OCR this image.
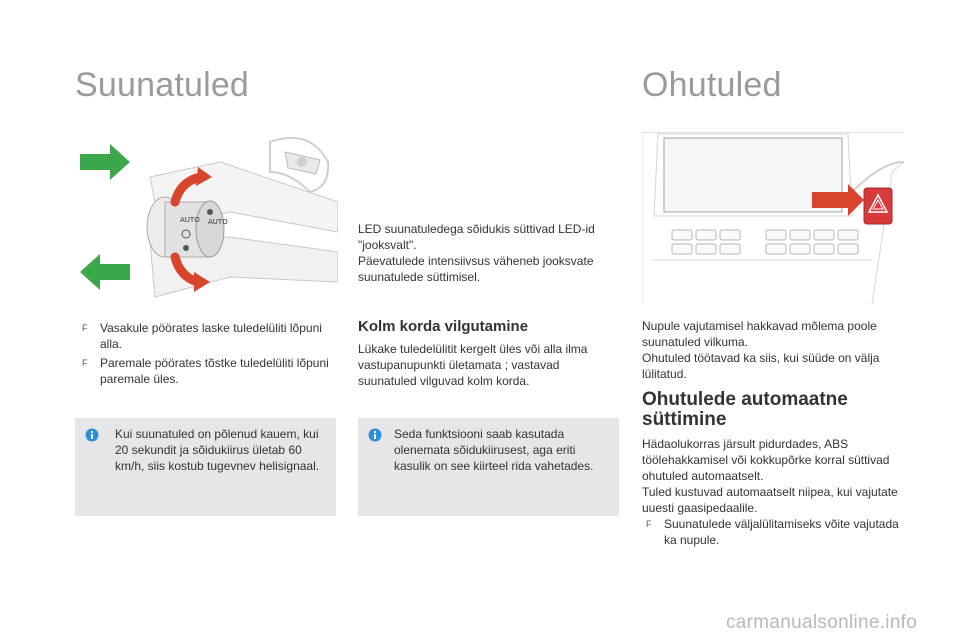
Suunatuled
AUTO AUTO
F Vasakule pöörates laske tuledelüliti lõpuni alla.
F Paremale pöörates tõstke tuledelüliti lõpuni paremale üles.

Kui suunatuled on põlenud kauem, kui 20 sekundit ja sõidukiirus ületab 60 km/h, siis kostub tugevnev helisignaal.

LED suunatuledega sõidukis süttivad LED-id "jooksvalt".

Päevatulede intensiivsus väheneb jooksvate suunatulede süttimisel.

Kolm korda vilgutamine

Lükake tuledelülitit kergelt üles või alla ilma vastupanupunkti ületamata ; vastavad suunatuled vilguvad kolm korda.

Seda funktsiooni saab kasutada olenemata sõidukiirusest, aga eriti kasulik on see kiirteel rida vahetades.

Ohutuled

Nupule vajutamisel hakkavad mõlema poole suunatuled vilkuma.

Ohutuled töötavad ka siis, kui süüde on välja lülitatud.

Ohutulede automaatne süttimine

Hädaolukorras järsult pidurdades, ABS töölehakkamisel või kokkupõrke korral süttivad ohutuled automaatselt.

Tuled kustuvad automaatselt niipea, kui vajutate uuesti gaasipedaalile.

F Suunatulede väljalülitamiseks võite vajutada ka nupule.
carmanualsonline.info
